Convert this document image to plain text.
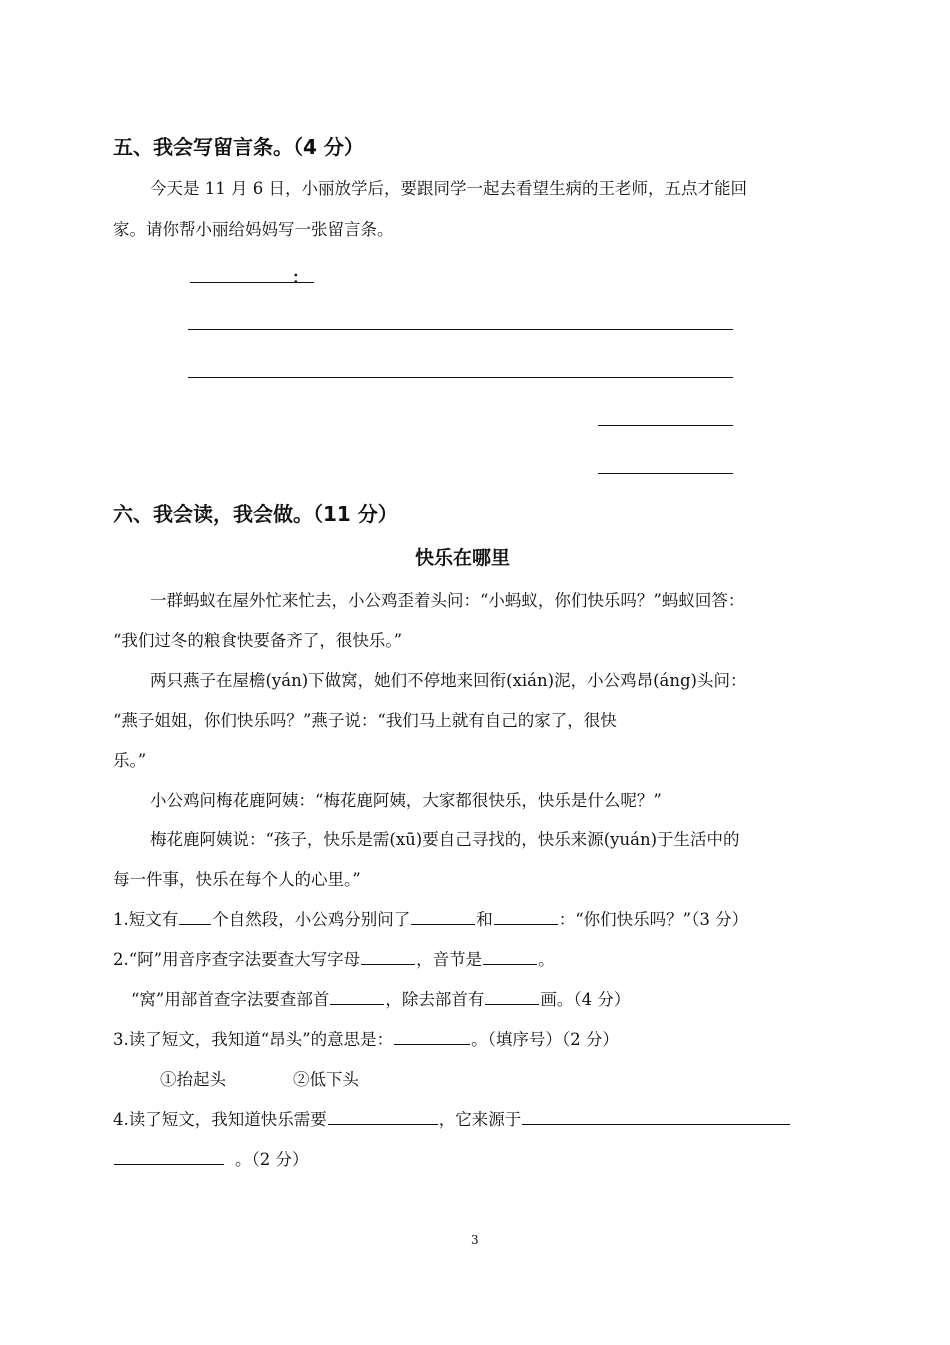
五、我会写留言条。（4 分）
今天是 11 月 6 日，小丽放学后，要跟同学一起去看望生病的王老师，五点才能回
家。请你帮小丽给妈妈写一张留言条。
：
六、我会读，我会做。（11 分）
快乐在哪里
一群蚂蚁在屋外忙来忙去，小公鸡歪着头问：“小蚂蚁，你们快乐吗？”蚂蚁回答：
“我们过冬的粮食快要备齐了，很快乐。”
两只燕子在屋檐(yán)下做窝，她们不停地来回衔(xián)泥，小公鸡昂(áng)头问：
“燕子姐姐，你们快乐吗？”燕子说：“我们马上就有自己的家了，很快
乐。”
小公鸡问梅花鹿阿姨：“梅花鹿阿姨，大家都很快乐，快乐是什么呢？”
梅花鹿阿姨说：“孩子，快乐是需(xū)要自己寻找的，快乐来源(yuán)于生活中的
每一件事，快乐在每个人的心里。”
1.短文有 个自然段，小公鸡分别问了	和	：“你们快乐吗？”（3 分）
2.“阿”用音序查字法要查大写字母	，音节是	。
“窝”用部首查字法要查部首	，除去部首有	画。（4 分）
3.读了短文，我知道“昂头”的意思是：	。（填序号）（2 分）
①抬起头	②低下头
4.读了短文，我知道快乐需要	，它来源于
。（2 分）
3
